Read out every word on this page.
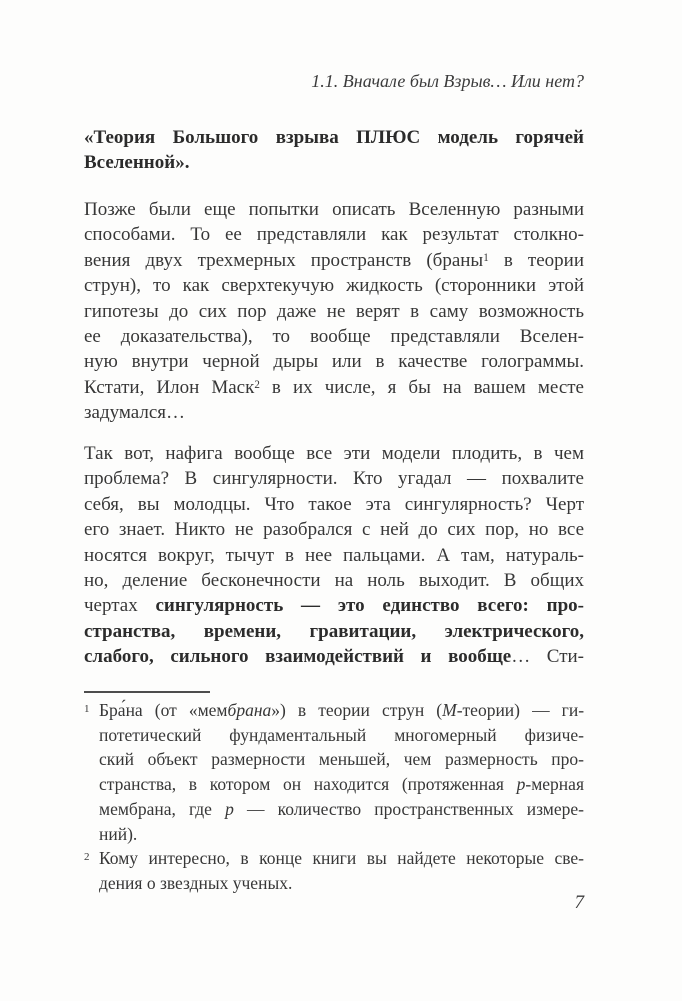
1.1. Вначале был Взрыв… Или нет?
«Теория Большого взрыва ПЛЮС модель горячей
Вселенной».
Позже были еще попытки описать Вселенную разными
способами. То ее представляли как результат столкно-
вения двух трехмерных пространств (браны$^1$ в теории
струн), то как сверхтекучую жидкость (сторонники этой
гипотезы до сих пор даже не верят в саму возможность
ее доказательства), то вообще представляли Вселен-
ную внутри черной дыры или в качестве голограммы.
Кстати, Илон Маск$^2$ в их числе, я бы на вашем месте
задумался…
Так вот, нафига вообще все эти модели плодить, в чем
проблема? В сингулярности. Кто угадал — похвалите
себя, вы молодцы. Что такое эта сингулярность? Черт
его знает. Никто не разобрался с ней до сих пор, но все
носятся вокруг, тычут в нее пальцами. А там, натураль-
но, деление бесконечности на ноль выходит. В общих
чертах сингулярность — это единство всего: про-
странства, времени, гравитации, электрического,
слабого, сильного взаимодействий и вообще… Сти-
1 Бра́на (от «мембрана») в теории струн (М-теории) — ги-
потетический фундаментальный многомерный физиче-
ский объект размерности меньшей, чем размерность про-
странства, в котором он находится (протяженная p-мерная
мембрана, где p — количество пространственных измере-
ний).
2 Кому интересно, в конце книги вы найдете некоторые све-
дения о звездных ученых.
7
